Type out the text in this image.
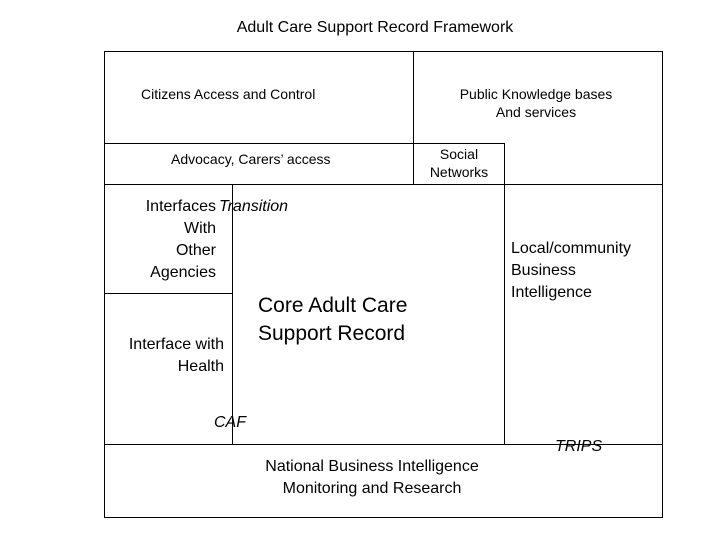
Adult Care Support Record Framework
Citizens Access and Control	Public Knowledge bases
And services
Advocacy, Carers’ access	Social
Networks
Interfaces
With
Other
Agencies
Transition
Interface with
Health
Core Adult Care
Support Record
Local/community
Business
Intelligence
CAF
TRIPS
National Business Intelligence
Monitoring and Research
